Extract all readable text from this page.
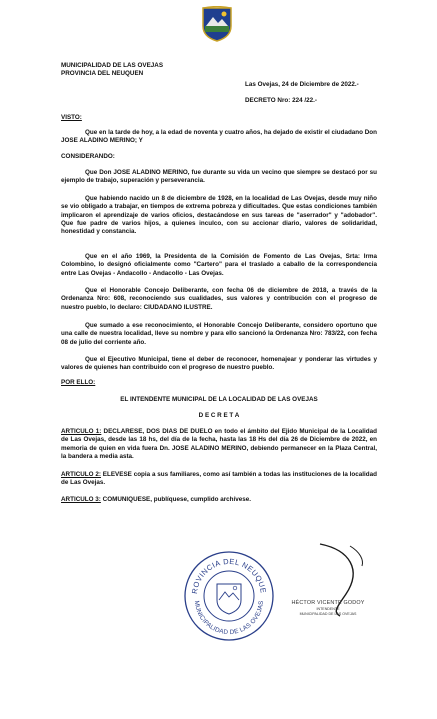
MUNICIPALIDAD DE LAS OVEJAS
PROVINCIA DEL NEUQUEN
Las Ovejas, 24 de Diciembre de 2022.-
DECRETO Nro: 224 /22.-
VISTO:
Que en la tarde de hoy, a la edad de noventa y cuatro años, ha dejado de existir el ciudadano Don JOSE ALADINO MERINO; Y
CONSIDERANDO:
Que Don JOSE ALADINO MERINO, fue durante su vida un vecino que siempre se destacó por su ejemplo de trabajo, superación y perseverancia.
Que habiendo nacido un 8 de diciembre de 1928, en la localidad de Las Ovejas, desde muy niño se vio obligado a trabajar, en tiempos de extrema pobreza y dificultades. Que estas condiciones también implicaron el aprendizaje de varios oficios, destacándose en sus tareas de "aserrador" y "adobador". Que fue padre de varios hijos, a quienes inculco, con su accionar diario, valores de solidaridad, honestidad y constancia.
Que en el año 1969, la Presidenta de la Comisión de Fomento de Las Ovejas, Srta: Irma Colombino, lo designó oficialmente como "Cartero" para el traslado a caballo de la correspondencia entre Las Ovejas - Andacollo - Andacollo - Las Ovejas.
Que el Honorable Concejo Deliberante, con fecha 06 de diciembre de 2018, a través de la Ordenanza Nro: 608, reconociendo sus cualidades, sus valores y contribución con el progreso de nuestro pueblo, lo declaro: CIUDADANO ILUSTRE.
Que sumado a ese reconocimiento, el Honorable Concejo Deliberante, considero oportuno que una calle de nuestra localidad, lleve su nombre y para ello sancionó la Ordenanza Nro: 783/22, con fecha 08 de julio del corriente año.
Que el Ejecutivo Municipal, tiene el deber de reconocer, homenajear y ponderar las virtudes y valores de quienes han contribuido con el progreso de nuestro pueblo.
POR ELLO:
EL INTENDENTE MUNICIPAL DE LA LOCALIDAD DE LAS OVEJAS
D E C R E T A
ARTICULO 1: DECLARESE, DOS DIAS DE DUELO en todo el ámbito del Ejido Municipal de la Localidad de Las Ovejas, desde las 18 hs, del día de la fecha, hasta las 18 Hs del día 26 de Diciembre de 2022, en memoria de quien en vida fuera Dn. JOSE ALADINO MERINO, debiendo permanecer en la Plaza Central, la bandera a media asta.
ARTICULO 2: ELEVESE copia a sus familiares, como así también a todas las instituciones de la localidad de Las Ovejas.
ARTICULO 3: COMUNIQUESE, publíquese, cumplido archívese.
ROVINCIA DEL NEUQUE
MUNICIPALIDAD DE LAS OVEJAS	HÉCTOR VICENTE GODOY
INTENDENTE
MUNICIPALIDAD DE LAS OVEJAS
